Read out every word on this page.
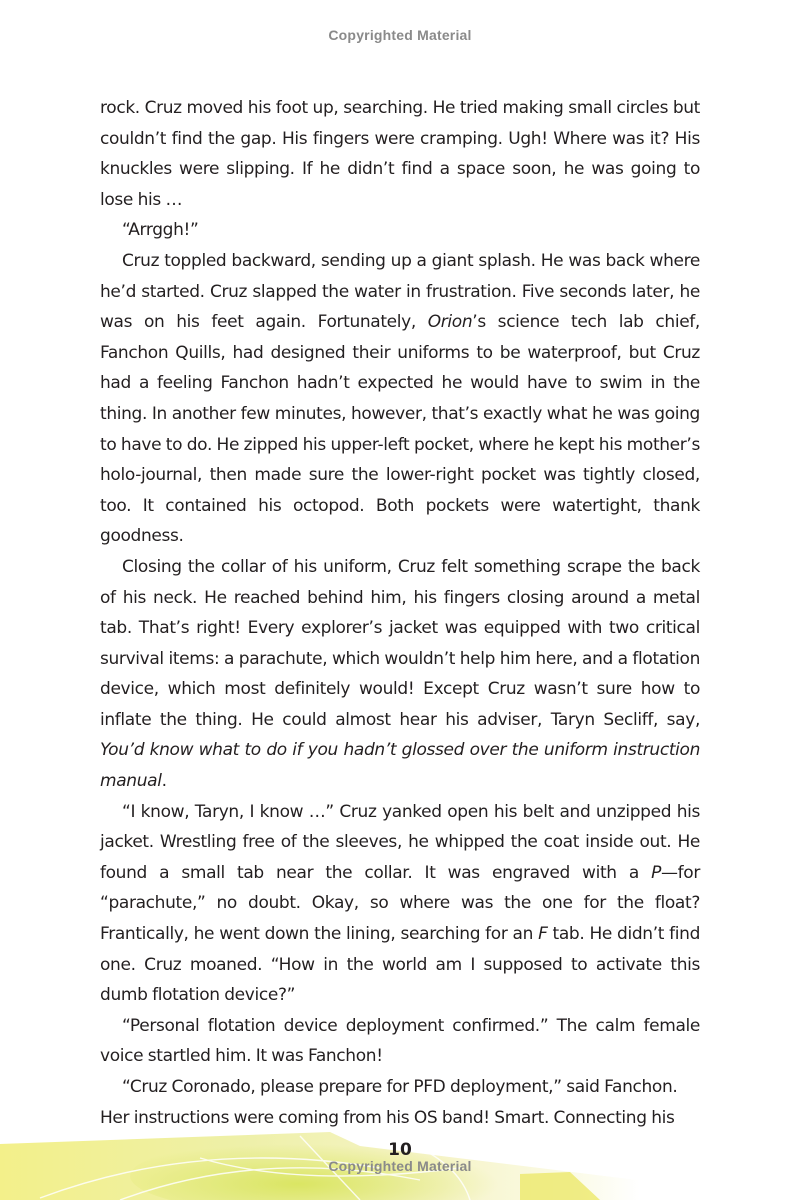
Copyrighted Material

rock. Cruz moved his foot up, searching. He tried making small circles but couldn’t find the gap. His fingers were cramping. Ugh! Where was it? His knuckles were slipping. If he didn’t find a space soon, he was going to lose his …

“Arrggh!”

Cruz toppled backward, sending up a giant splash. He was back where he’d started. Cruz slapped the water in frustration. Five seconds later, he was on his feet again. Fortunately, Orion’s science tech lab chief, Fanchon Quills, had designed their uniforms to be waterproof, but Cruz had a feeling Fanchon hadn’t expected he would have to swim in the thing. In another few minutes, however, that’s exactly what he was going to have to do. He zipped his upper-left pocket, where he kept his mother’s holo-journal, then made sure the lower-right pocket was tightly closed, too. It contained his octopod. Both pockets were watertight, thank goodness.

Closing the collar of his uniform, Cruz felt something scrape the back of his neck. He reached behind him, his fingers closing around a metal tab. That’s right! Every explorer’s jacket was equipped with two critical survival items: a parachute, which wouldn’t help him here, and a flotation device, which most definitely would! Except Cruz wasn’t sure how to inflate the thing. He could almost hear his adviser, Taryn Secliff, say, You’d know what to do if you hadn’t glossed over the uniform instruction manual.

“I know, Taryn, I know …” Cruz yanked open his belt and unzipped his jacket. Wrestling free of the sleeves, he whipped the coat inside out. He found a small tab near the collar. It was engraved with a P—for “parachute,” no doubt. Okay, so where was the one for the float? Frantically, he went down the lining, searching for an F tab. He didn’t find one. Cruz moaned. “How in the world am I supposed to activate this dumb flotation device?”

“Personal flotation device deployment confirmed.” The calm female voice startled him. It was Fanchon!

“Cruz Coronado, please prepare for PFD deployment,” said Fanchon. Her instructions were coming from his OS band! Smart. Connecting his

10
Copyrighted Material
